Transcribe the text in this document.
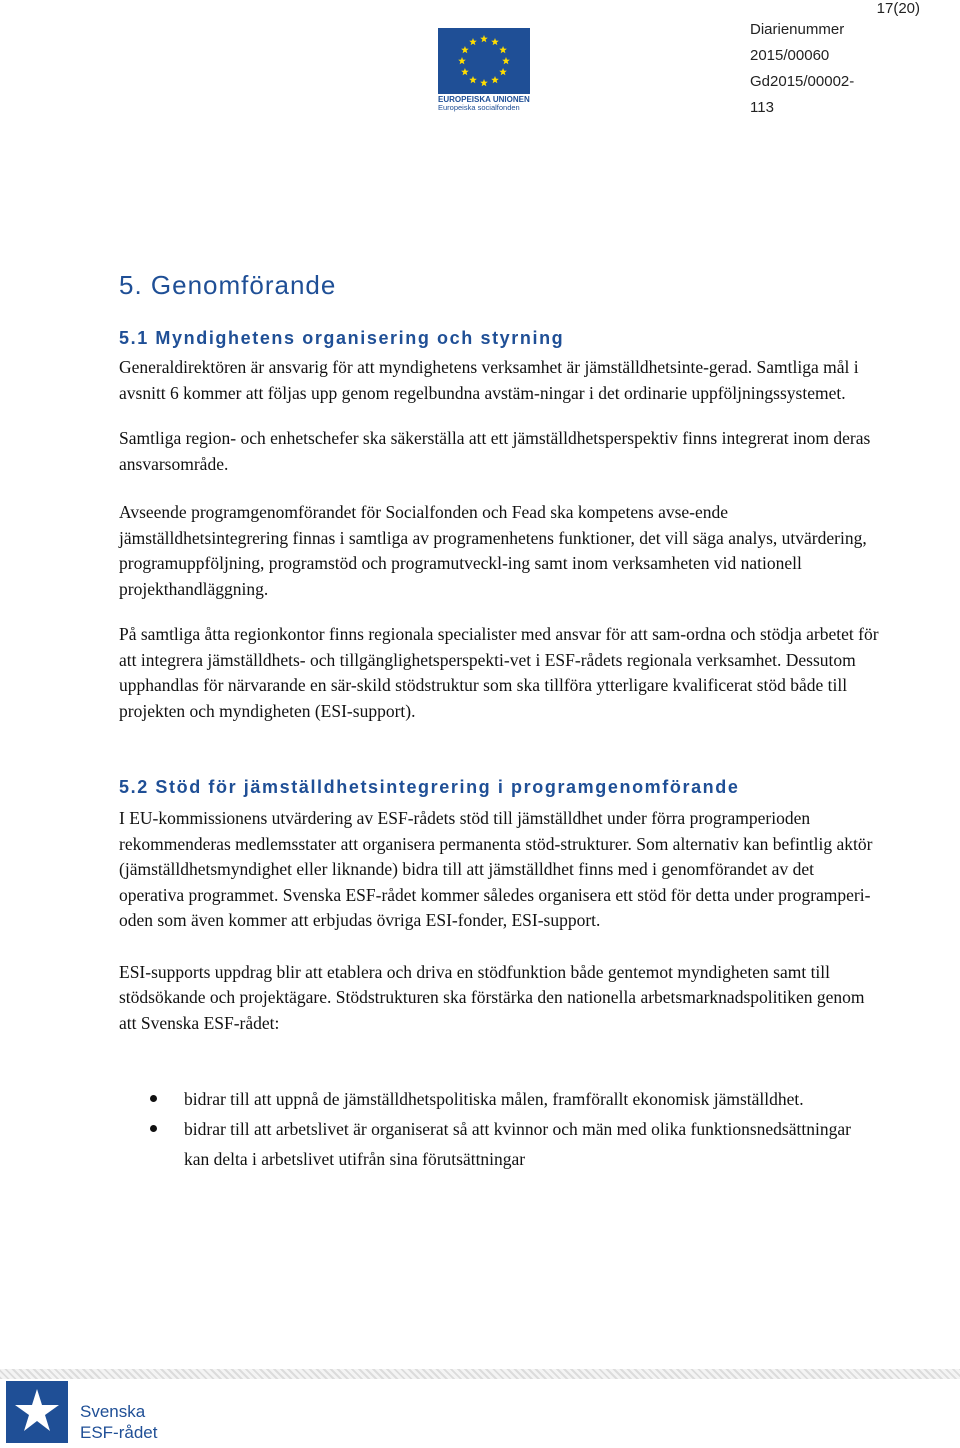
17(20)
EUROPEISKA UNIONEN
Europeiska socialfonden
Diarienummer
2015/00060
Gd2015/00002-
113
5. Genomförande
5.1 Myndighetens organisering och styrning

Generaldirektören är ansvarig för att myndighetens verksamhet är jämställdhetsinte-gerad. Samtliga mål i avsnitt 6 kommer att följas upp genom regelbundna avstäm-ningar i det ordinarie uppföljningssystemet.

Samtliga region- och enhetschefer ska säkerställa att ett jämställdhetsperspektiv finns integrerat inom deras ansvarsområde.

Avseende programgenomförandet för Socialfonden och Fead ska kompetens avse-ende jämställdhetsintegrering finnas i samtliga av programenhetens funktioner, det vill säga analys, utvärdering, programuppföljning, programstöd och programutveckl-ing samt inom verksamheten vid nationell projekthandläggning.

På samtliga åtta regionkontor finns regionala specialister med ansvar för att sam-ordna och stödja arbetet för att integrera jämställdhets- och tillgänglighetsperspekti-vet i ESF-rådets regionala verksamhet. Dessutom upphandlas för närvarande en sär-skild stödstruktur som ska tillföra ytterligare kvalificerat stöd både till projekten och myndigheten (ESI-support).

5.2 Stöd för jämställdhetsintegrering i programgenomförande

I EU-kommissionens utvärdering av ESF-rådets stöd till jämställdhet under förra programperioden rekommenderas medlemsstater att organisera permanenta stöd-strukturer. Som alternativ kan befintlig aktör (jämställdhetsmyndighet eller liknande) bidra till att jämställdhet finns med i genomförandet av det operativa programmet. Svenska ESF-rådet kommer således organisera ett stöd för detta under programperi-oden som även kommer att erbjudas övriga ESI-fonder, ESI-support.

ESI-supports uppdrag blir att etablera och driva en stödfunktion både gentemot myndigheten samt till stödsökande och projektägare. Stödstrukturen ska förstärka den nationella arbetsmarknadspolitiken genom att Svenska ESF-rådet:

bidrar till att uppnå de jämställdhetspolitiska målen, framförallt ekonomisk jämställdhet.
bidrar till att arbetslivet är organiserat så att kvinnor och män med olika funktionsnedsättningar kan delta i arbetslivet utifrån sina förutsättningar
Svenska
ESF-rådet
